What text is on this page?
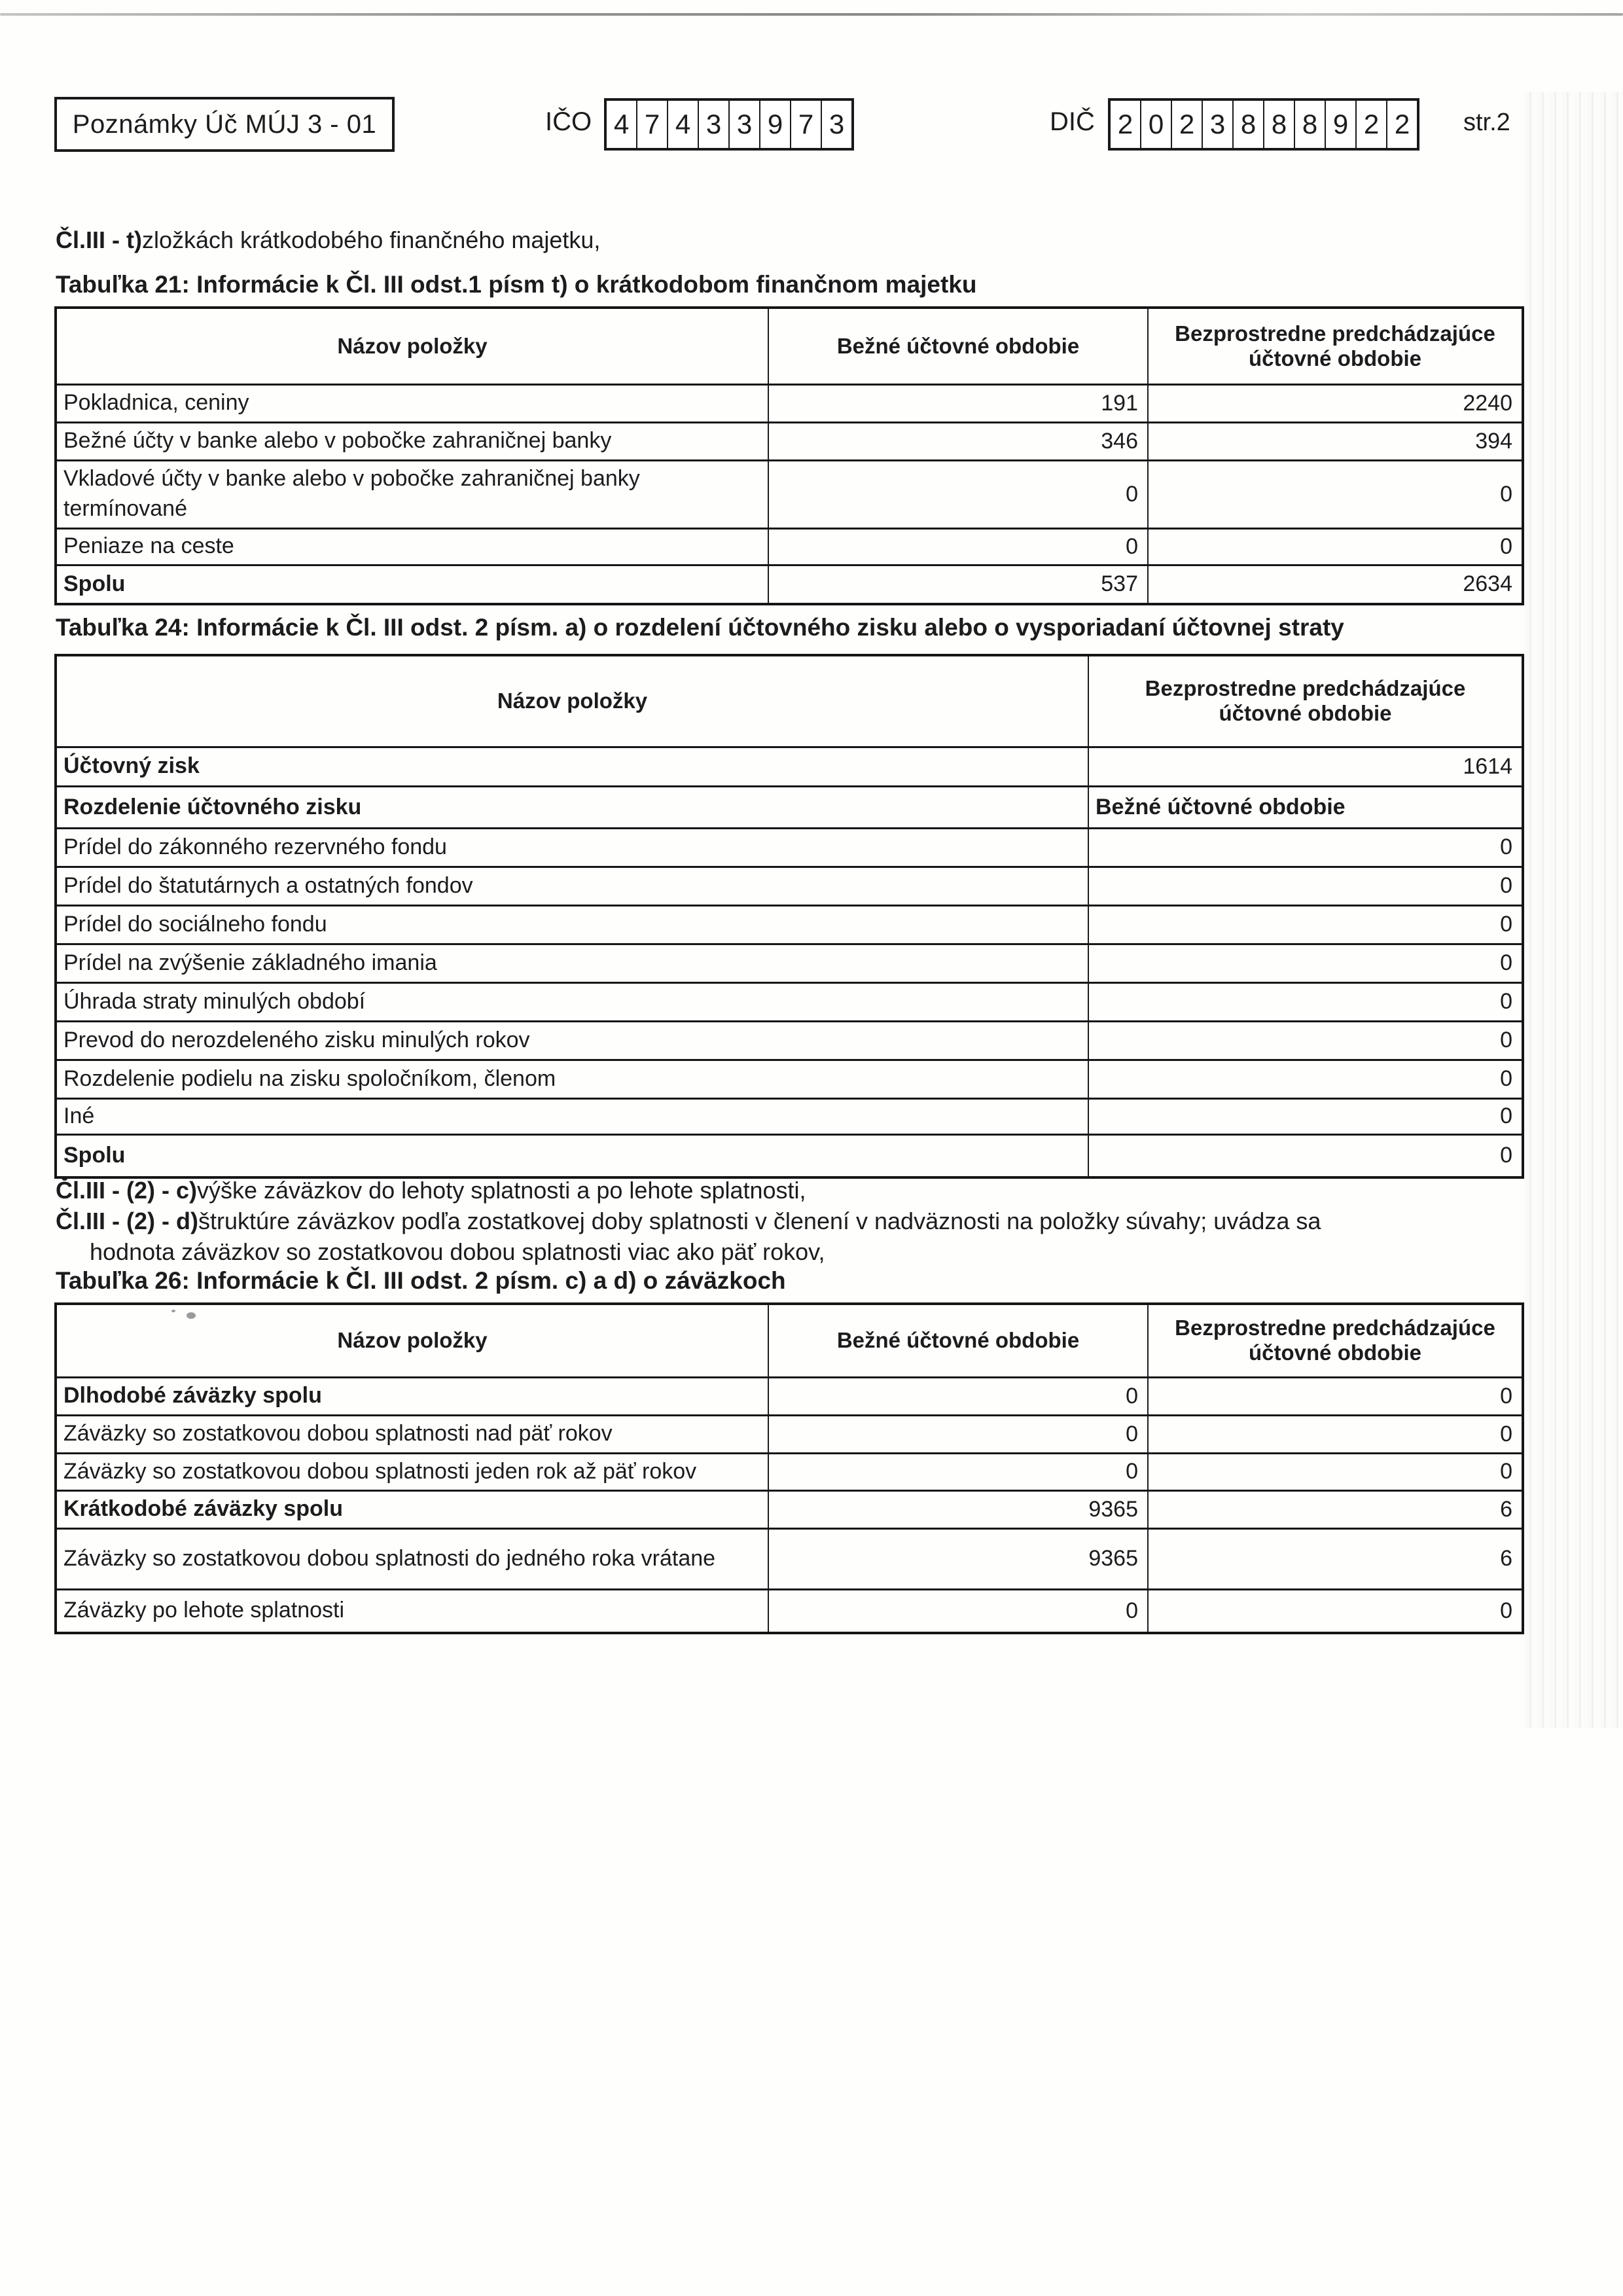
Poznámky Úč MÚJ 3 - 01	IČO 4 7 4 3 3 9 7 3	DIČ 2 0 2 3 8 8 8 9 2 2 str.2
Čl.III - t)zložkách krátkodobého finančného majetku,
Tabuľka 21: Informácie k Čl. III odst.1 písm t) o krátkodobom finančnom majetku
Názov položky	Bežné účtovné obdobie	Bezprostredne predchádzajúce účtovné obdobie
Pokladnica, ceniny	191	2240
Bežné účty v banke alebo v pobočke zahraničnej banky	346	394
Vkladové účty v banke alebo v pobočke zahraničnej banky termínované	0	0
Peniaze na ceste	0	0
Spolu	537	2634
Tabuľka 24: Informácie k Čl. III odst. 2 písm. a) o rozdelení účtovného zisku alebo o vysporiadaní účtovnej straty
Názov položky	Bezprostredne predchádzajúce účtovné obdobie
Účtovný zisk	1614
Rozdelenie účtovného zisku	Bežné účtovné obdobie
Prídel do zákonného rezervného fondu	0
Prídel do štatutárnych a ostatných fondov	0
Prídel do sociálneho fondu	0
Prídel na zvýšenie základného imania	0
Úhrada straty minulých období	0
Prevod do nerozdeleného zisku minulých rokov	0
Rozdelenie podielu na zisku spoločníkom, členom	0
Iné	0
Spolu	0
Čl.III - (2) - c)výške záväzkov do lehoty splatnosti a po lehote splatnosti,
Čl.III - (2) - d)štruktúre záväzkov podľa zostatkovej doby splatnosti v členení v nadväznosti na položky súvahy; uvádza sa
hodnota záväzkov so zostatkovou dobou splatnosti viac ako päť rokov,
Tabuľka 26: Informácie k Čl. III odst. 2 písm. c) a d) o záväzkoch
Názov položky	Bežné účtovné obdobie	Bezprostredne predchádzajúce účtovné obdobie
Dlhodobé záväzky spolu	0	0
Záväzky so zostatkovou dobou splatnosti nad päť rokov	0	0
Záväzky so zostatkovou dobou splatnosti jeden rok až päť rokov	0	0
Krátkodobé záväzky spolu	9365	6
Záväzky so zostatkovou dobou splatnosti do jedného roka vrátane	9365	6
Záväzky po lehote splatnosti	0	0
